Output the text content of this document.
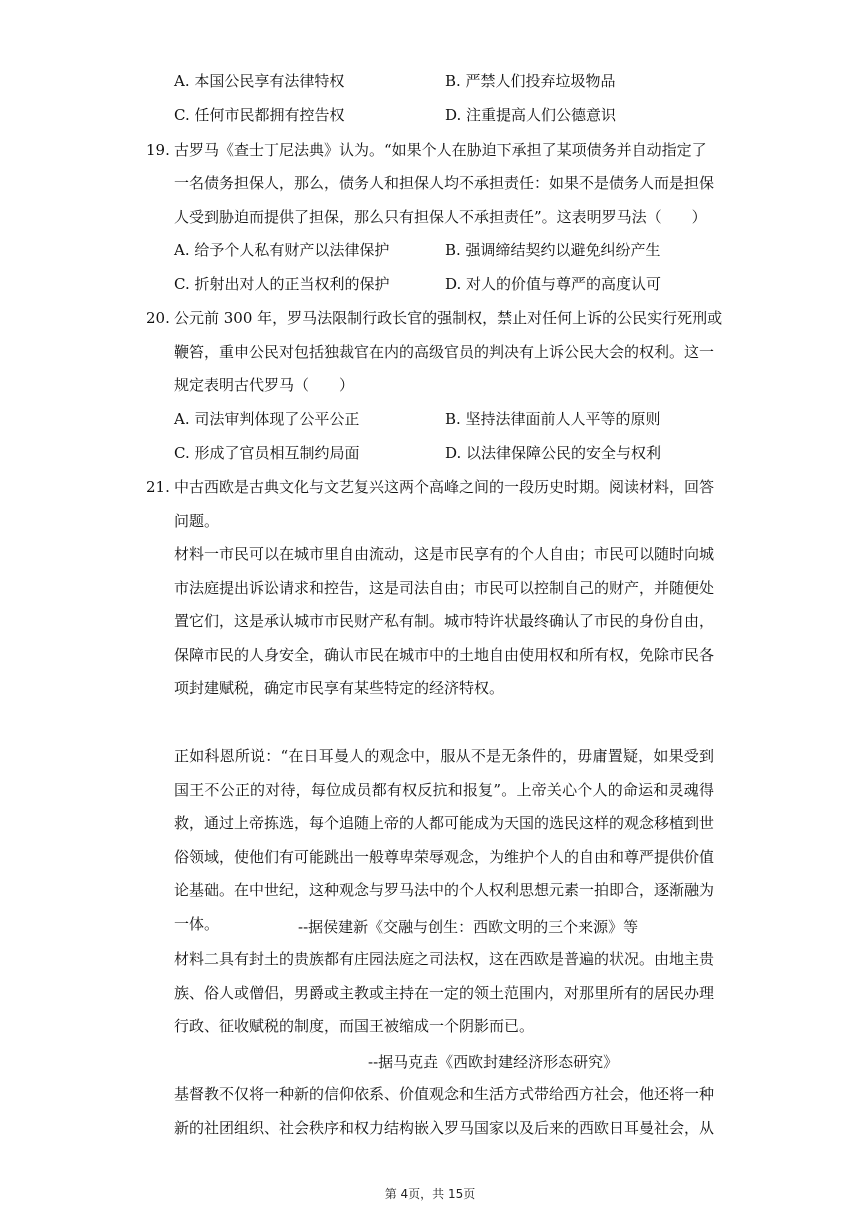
A. 本国公民享有法律特权	B. 严禁人们投弃垃圾物品
C. 任何市民都拥有控告权	D. 注重提高人们公德意识
19. 古罗马《查士丁尼法典》认为。“如果个人在胁迫下承担了某项债务并自动指定了
一名债务担保人，那么，债务人和担保人均不承担责任：如果不是债务人而是担保
人受到胁迫而提供了担保，那么只有担保人不承担责任”。这表明罗马法（　　）
A. 给予个人私有财产以法律保护	B. 强调缔结契约以避免纠纷产生
C. 折射出对人的正当权利的保护	D. 对人的价值与尊严的高度认可
20. 公元前 300 年，罗马法限制行政长官的强制权，禁止对任何上诉的公民实行死刑或
鞭笞，重申公民对包括独裁官在内的高级官员的判决有上诉公民大会的权利。这一
规定表明古代罗马（　　）
A. 司法审判体现了公平公正	B. 坚持法律面前人人平等的原则
C. 形成了官员相互制约局面	D. 以法律保障公民的安全与权利
21. 中古西欧是古典文化与文艺复兴这两个高峰之间的一段历史时期。阅读材料，回答
问题。
材料一市民可以在城市里自由流动，这是市民享有的个人自由；市民可以随时向城市法庭提出诉讼请求和控告，这是司法自由；市民可以控制自己的财产，并随便处置它们，这是承认城市市民财产私有制。城市特许状最终确认了市民的身份自由，保障市民的人身安全，确认市民在城市中的土地自由使用权和所有权，免除市民各项封建赋税，确定市民享有某些特定的经济特权。
正如科恩所说：“在日耳曼人的观念中，服从不是无条件的，毋庸置疑，如果受到国王不公正的对待，每位成员都有权反抗和报复”。上帝关心个人的命运和灵魂得救，通过上帝拣选，每个追随上帝的人都可能成为天国的选民这样的观念移植到世俗领域，使他们有可能跳出一般尊卑荣辱观念，为维护个人的自由和尊严提供价值论基础。在中世纪，这种观念与罗马法中的个人权利思想元素一拍即合，逐渐融为一体。	--据侯建新《交融与创生：西欧文明的三个来源》等
材料二具有封土的贵族都有庄园法庭之司法权，这在西欧是普遍的状况。由地主贵族、俗人或僧侣，男爵或主教或主持在一定的领土范围内，对那里所有的居民办理行政、征收赋税的制度，而国王被缩成一个阴影而已。
--据马克垚《西欧封建经济形态研究》
基督教不仅将一种新的信仰依系、价值观念和生活方式带给西方社会，他还将一种新的社团组织、社会秩序和权力结构嵌入罗马国家以及后来的西欧日耳曼社会，从
第 4页，共 15页
